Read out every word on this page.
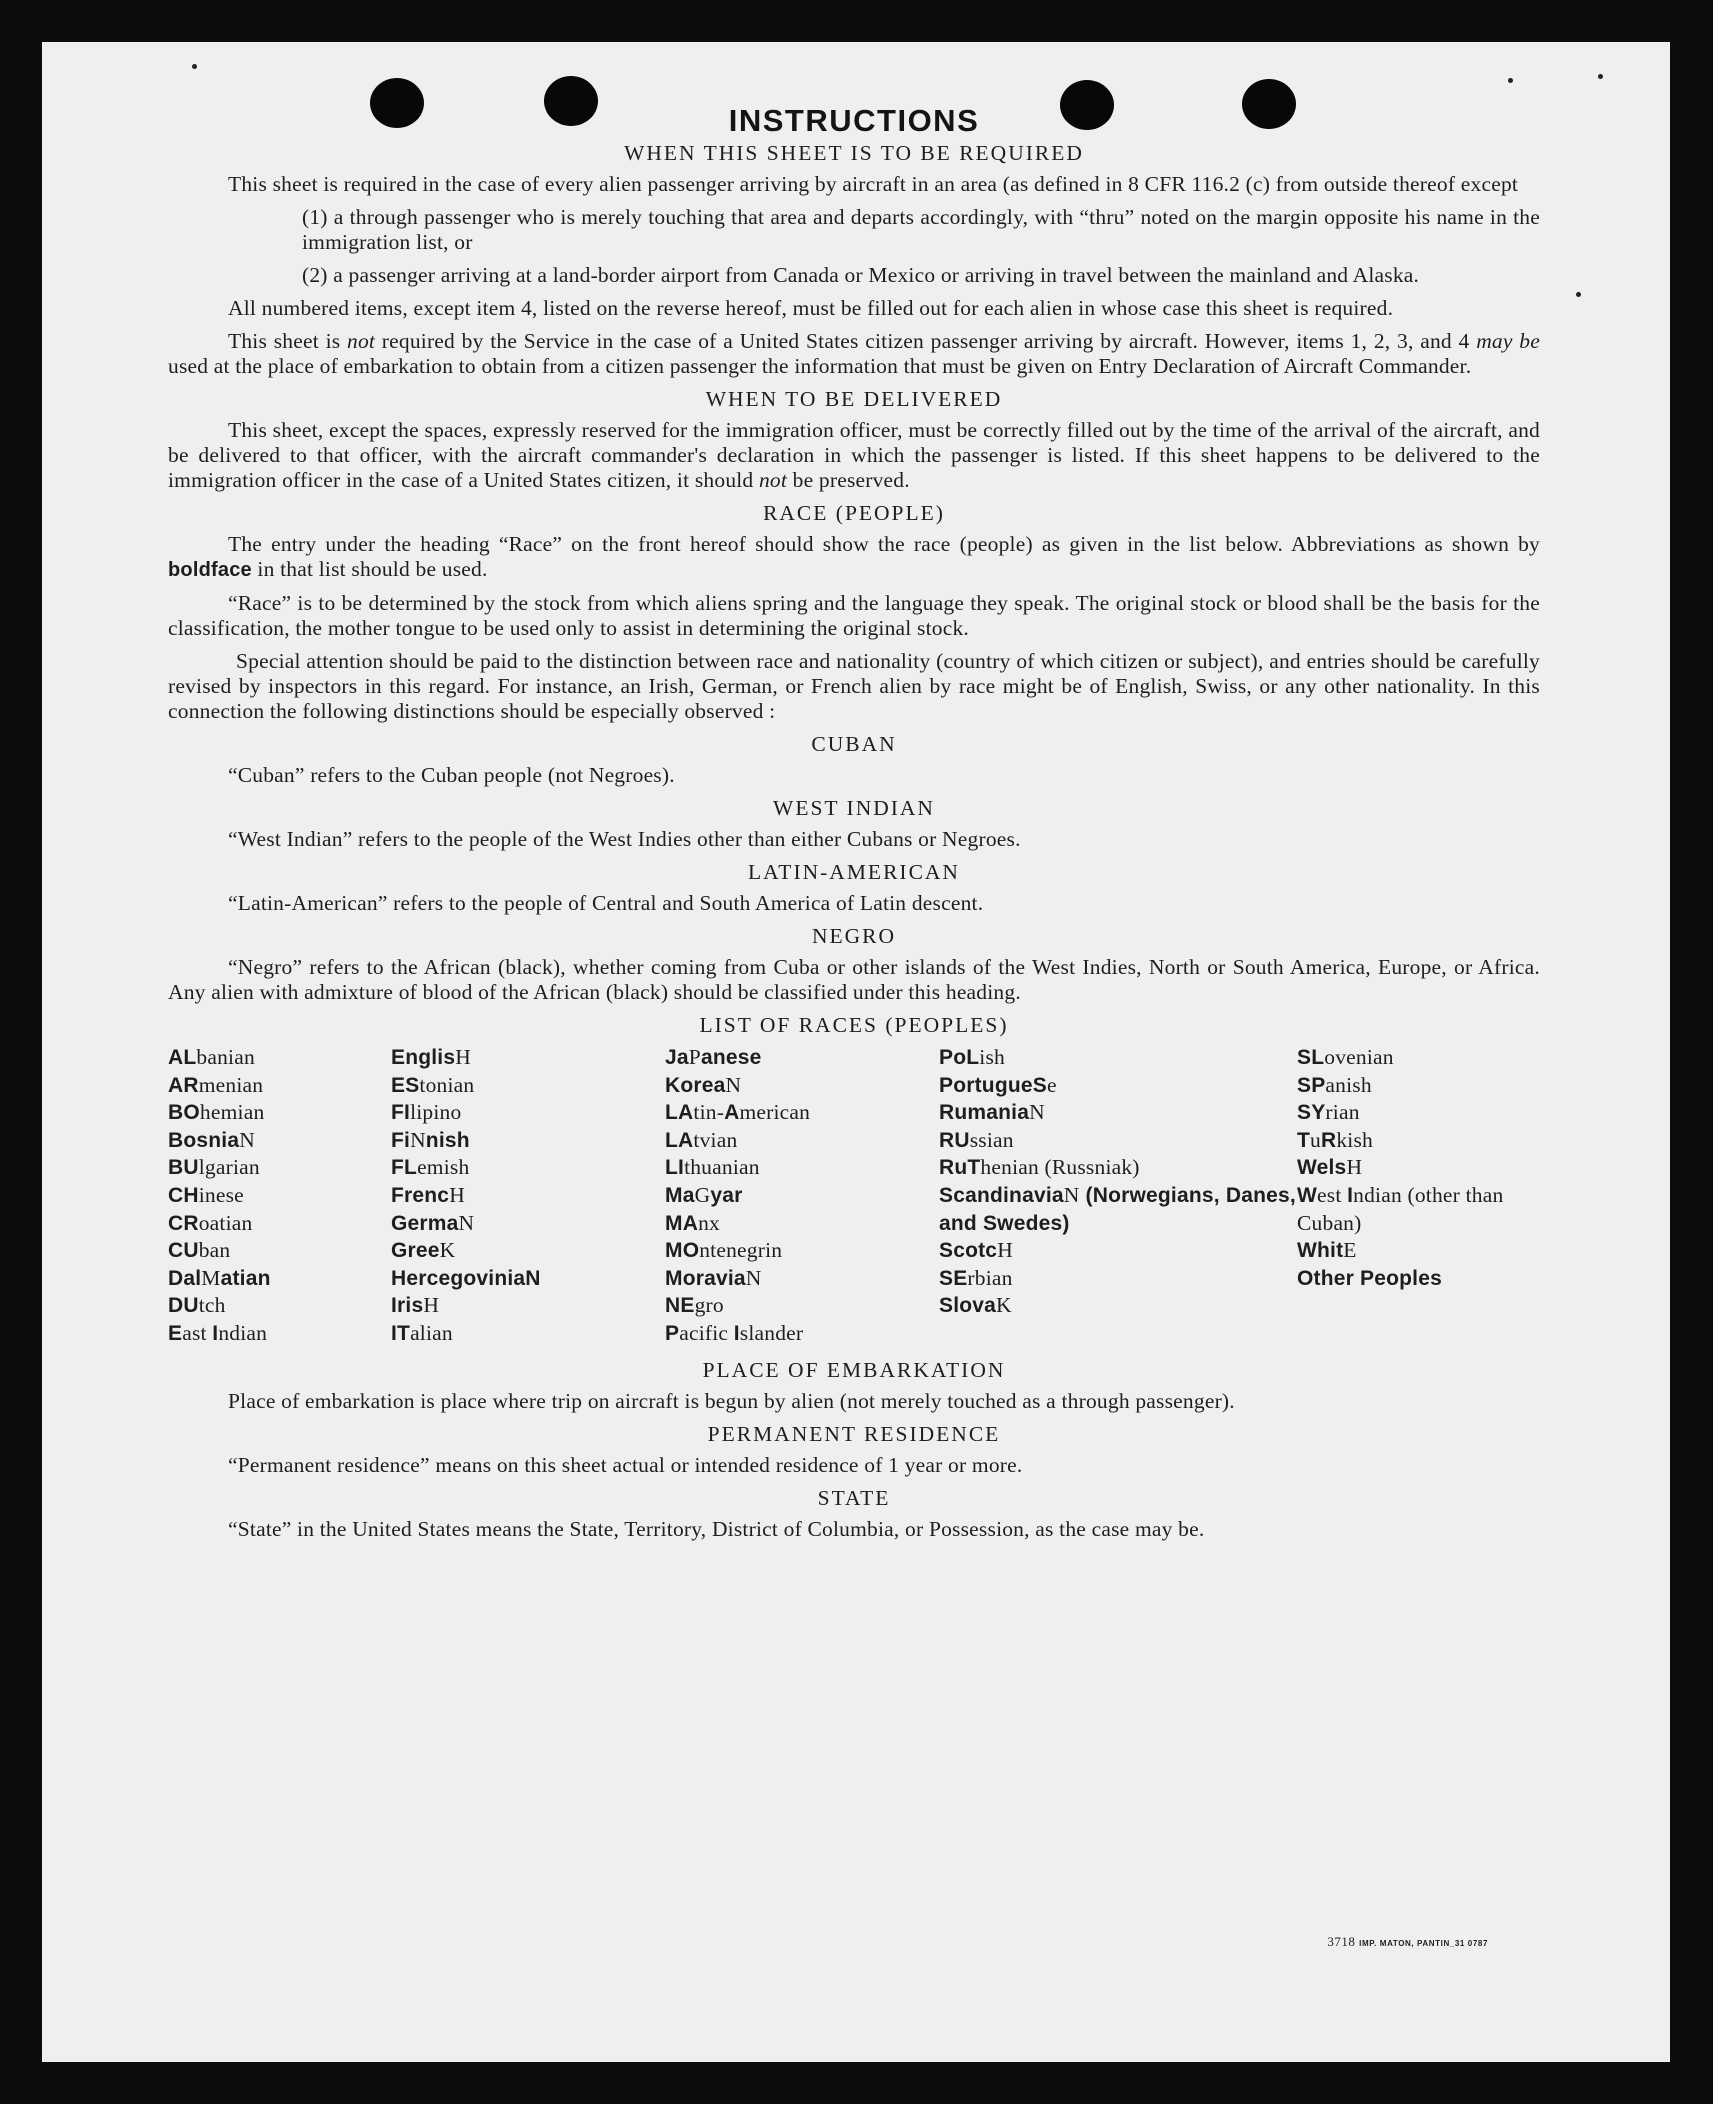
INSTRUCTIONS
WHEN THIS SHEET IS TO BE REQUIRED

This sheet is required in the case of every alien passenger arriving by aircraft in an area (as defined in 8 CFR 116.2 (c) from outside thereof except

(1) a through passenger who is merely touching that area and departs accordingly, with “thru” noted on the margin opposite his name in the immigration list, or

(2) a passenger arriving at a land-border airport from Canada or Mexico or arriving in travel between the mainland and Alaska.

All numbered items, except item 4, listed on the reverse hereof, must be filled out for each alien in whose case this sheet is required.

This sheet is not required by the Service in the case of a United States citizen passenger arriving by aircraft. However, items 1, 2, 3, and 4 may be used at the place of embarkation to obtain from a citizen passenger the information that must be given on Entry Declaration of Aircraft Commander.

WHEN TO BE DELIVERED

This sheet, except the spaces, expressly reserved for the immigration officer, must be correctly filled out by the time of the arrival of the aircraft, and be delivered to that officer, with the aircraft commander's declaration in which the passenger is listed. If this sheet happens to be delivered to the immigration officer in the case of a United States citizen, it should not be preserved.

RACE (PEOPLE)

The entry under the heading “Race” on the front hereof should show the race (people) as given in the list below. Abbreviations as shown by boldface in that list should be used.

“Race” is to be determined by the stock from which aliens spring and the language they speak. The original stock or blood shall be the basis for the classification, the mother tongue to be used only to assist in determining the original stock.

Special attention should be paid to the distinction between race and nationality (country of which citizen or subject), and entries should be carefully revised by inspectors in this regard. For instance, an Irish, German, or French alien by race might be of English, Swiss, or any other nationality. In this connection the following distinctions should be especially observed :

CUBAN

“Cuban” refers to the Cuban people (not Negroes).

WEST INDIAN

“West Indian” refers to the people of the West Indies other than either Cubans or Negroes.

LATIN-AMERICAN

“Latin-American” refers to the people of Central and South America of Latin descent.

NEGRO

“Negro” refers to the African (black), whether coming from Cuba or other islands of the West Indies, North or South America, Europe, or Africa. Any alien with admixture of blood of the African (black) should be classified under this heading.

LIST OF RACES (PEOPLES)
ALbanian
ARmenian
BOhemian
BosniaN
BUlgarian
CHinese
CRoatian
CUban
DalMatian
DUtch
East Indian
EnglisH
EStonian
FIlipino
FiNnish
FLemish
FrencH
GermaN
GreeK
HercegoviniaN
IrisH
ITalian
JaPanese
KoreaN
LAtin-American
LAtvian
LIthuanian
MaGyar
MAnx
MOntenegrin
MoraviaN
NEgro
Pacific Islander
PoLish
PortugueSe
RumaniaN
RUssian
RuThenian (Russniak)
ScandinaviaN (Norwegians, Danes, and Swedes)
ScotcH
SErbian
SlovaK
SLovenian
SPanish
SYrian
TuRkish
WelsH
West Indian (other than Cuban)
WhitE
Other Peoples
PLACE OF EMBARKATION

Place of embarkation is place where trip on aircraft is begun by alien (not merely touched as a through passenger).

PERMANENT RESIDENCE

“Permanent residence” means on this sheet actual or intended residence of 1 year or more.

STATE

“State” in the United States means the State, Territory, District of Columbia, or Possession, as the case may be.

3718 IMP. MATON, PANTIN_31 0787
